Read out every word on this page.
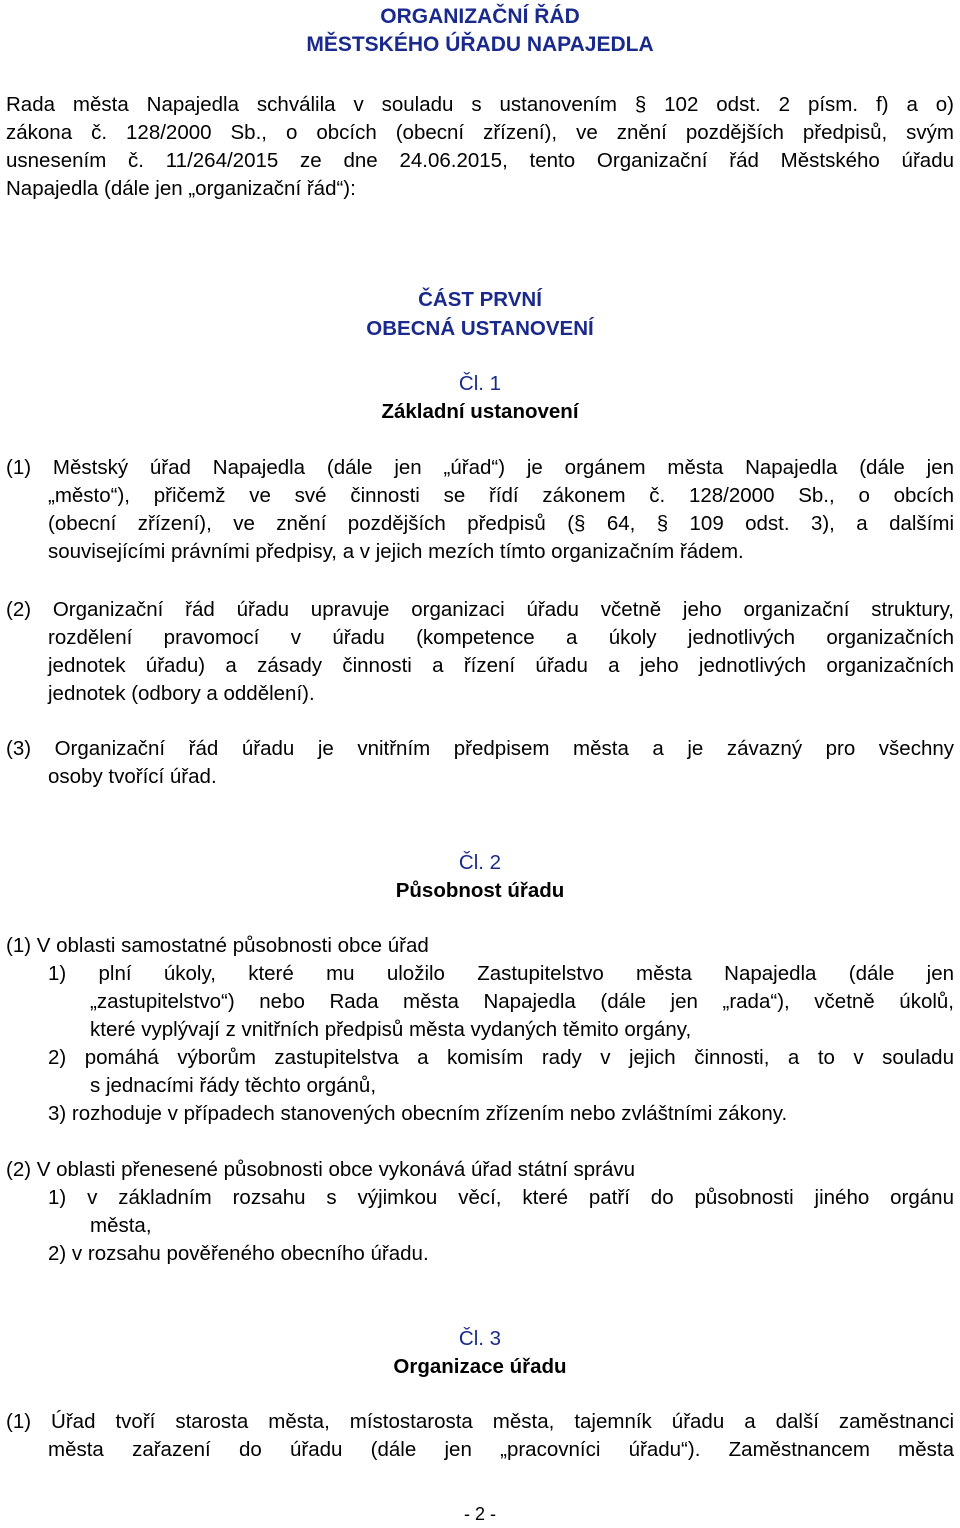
ORGANIZAČNÍ ŘÁD
MĚSTSKÉHO ÚŘADU NAPAJEDLA
Rada města Napajedla schválila v souladu s ustanovením § 102 odst. 2 písm. f) a o)
zákona č. 128/2000 Sb., o obcích (obecní zřízení), ve znění pozdějších předpisů, svým
usnesením č. 11/264/2015 ze dne 24.06.2015, tento Organizační řád Městského úřadu
Napajedla (dále jen „organizační řád“):
ČÁST PRVNÍ
OBECNÁ USTANOVENÍ
Čl. 1
Základní ustanovení
(1) Městský úřad Napajedla (dále jen „úřad“) je orgánem města Napajedla (dále jen
„město“), přičemž ve své činnosti se řídí zákonem č. 128/2000 Sb., o obcích
(obecní zřízení), ve znění pozdějších předpisů (§ 64, § 109 odst. 3), a dalšími
souvisejícími právními předpisy, a v jejich mezích tímto organizačním řádem.
(2) Organizační řád úřadu upravuje organizaci úřadu včetně jeho organizační struktury,
rozdělení pravomocí v úřadu (kompetence a úkoly jednotlivých organizačních
jednotek úřadu) a zásady činnosti a řízení úřadu a jeho jednotlivých organizačních
jednotek (odbory a oddělení).
(3) Organizační řád úřadu je vnitřním předpisem města a je závazný pro všechny
osoby tvořící úřad.
Čl. 2
Působnost úřadu
(1) V oblasti samostatné působnosti obce úřad
1) plní úkoly, které mu uložilo Zastupitelstvo města Napajedla (dále jen
„zastupitelstvo“) nebo Rada města Napajedla (dále jen „rada“), včetně úkolů,
které vyplývají z vnitřních předpisů města vydaných těmito orgány,
2) pomáhá výborům zastupitelstva a komisím rady v jejich činnosti, a to v souladu
s jednacími řády těchto orgánů,
3) rozhoduje v případech stanovených obecním zřízením nebo zvláštními zákony.
(2) V oblasti přenesené působnosti obce vykonává úřad státní správu
1) v základním rozsahu s výjimkou věcí, které patří do působnosti jiného orgánu
města,
2) v rozsahu pověřeného obecního úřadu.
Čl. 3
Organizace úřadu
(1) Úřad tvoří starosta města, místostarosta města, tajemník úřadu a další zaměstnanci
města zařazení do úřadu (dále jen „pracovníci úřadu“). Zaměstnancem města
- 2 -
